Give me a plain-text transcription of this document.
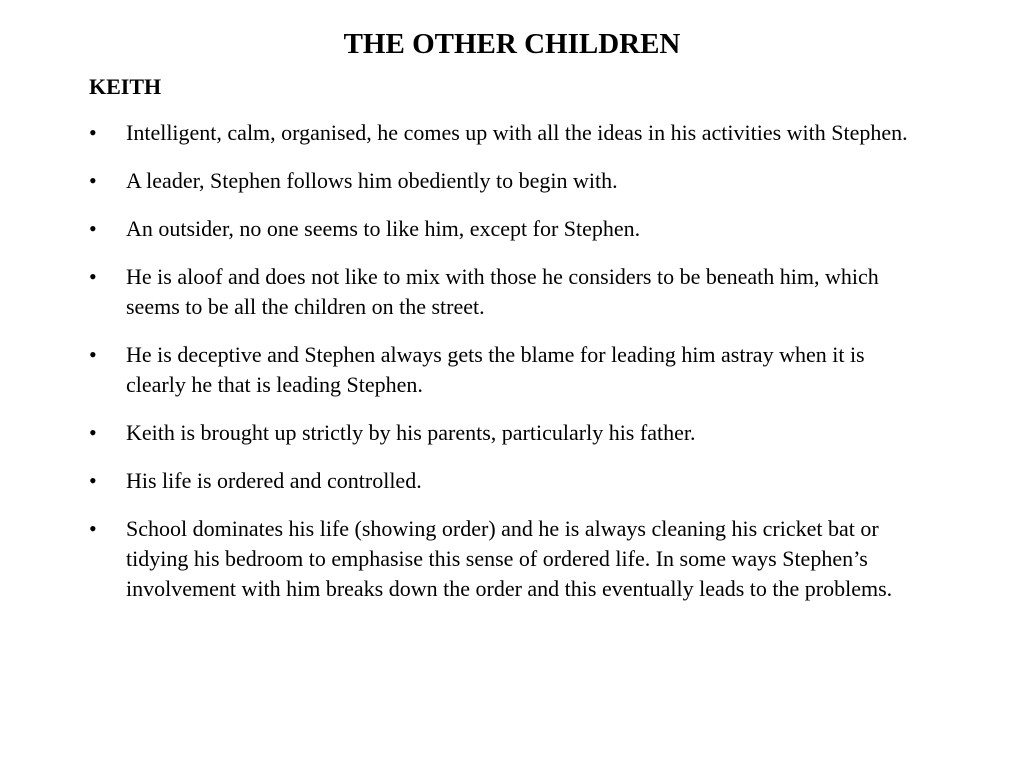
THE OTHER CHILDREN
KEITH
•	Intelligent, calm, organised, he comes up with all the ideas in his activities with Stephen.
•	A leader, Stephen follows him obediently to begin with.
•	An outsider, no one seems to like him, except for Stephen.
•	He is aloof and does not like to mix with those he considers to be beneath him, which seems to be all the children on the street.
•	He is deceptive and Stephen always gets the blame for leading him astray when it is clearly he that is leading Stephen.
•	Keith is brought up strictly by his parents, particularly his father.
•	His life is ordered and controlled.
•	School dominates his life (showing order) and he is always cleaning his cricket bat or tidying his bedroom to emphasise this sense of ordered life. In some ways Stephen’s involvement with him breaks down the order and this eventually leads to the problems.
